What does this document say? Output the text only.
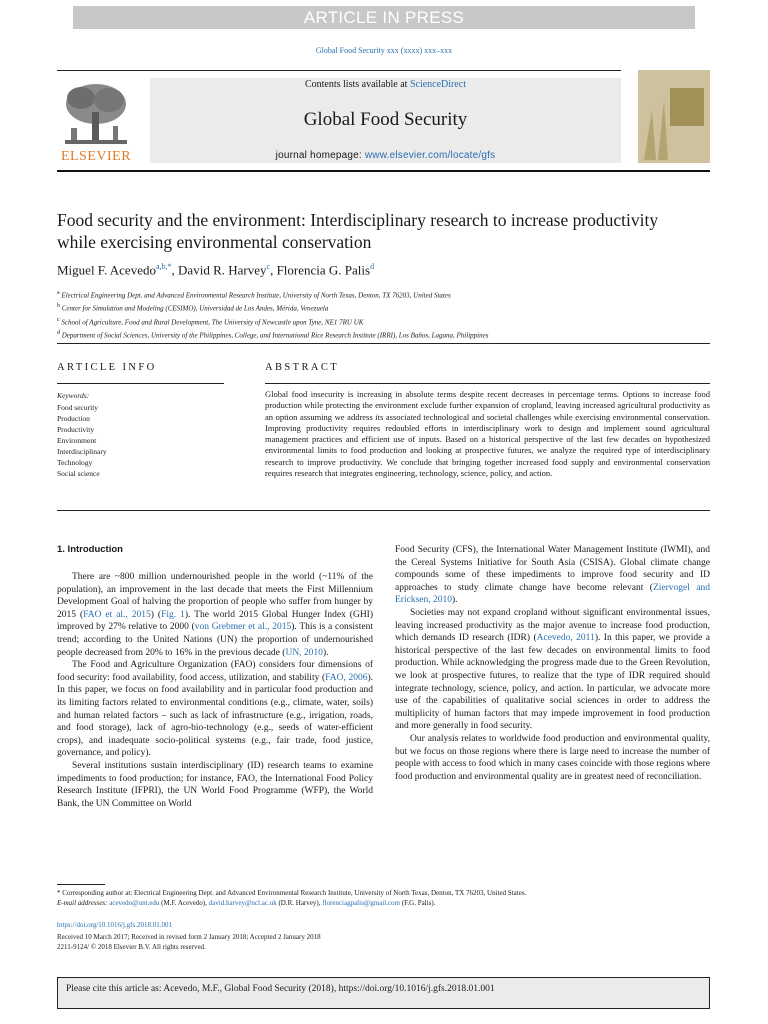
ARTICLE IN PRESS
Global Food Security xxx (xxxx) xxx–xxx
ELSEVIER
Contents lists available at ScienceDirect
Global Food Security
journal homepage: www.elsevier.com/locate/gfs
Food security and the environment: Interdisciplinary research to increase productivity while exercising environmental conservation
Miguel F. Acevedo$^{a,b,*}$, David R. Harvey$^c$, Florencia G. Palis$^d$
$^a$ Electrical Engineering Dept. and Advanced Environmental Research Institute, University of North Texas, Denton, TX 76203, United States
$^b$ Center for Simulation and Modeling (CESIMO), Universidad de Los Andes, Mérida, Venezuela
$^c$ School of Agriculture, Food and Rural Development, The University of Newcastle upon Tyne, NE1 7RU UK
$^d$ Department of Social Sciences, University of the Philippines, College, and International Rice Research Institute (IRRI), Los Baños, Laguna, Philippines
ARTICLE INFO	ABSTRACT
Keywords:
Food security
Production
Productivity
Environment
Interdisciplinary
Technology
Social science
Global food insecurity is increasing in absolute terms despite recent decreases in percentage terms. Options to increase food production while protecting the environment exclude further expansion of cropland, leaving increased agricultural productivity as an option assuming we address its associated technological and societal challenges while exercising environmental conservation. Improving productivity requires redoubled efforts in interdisciplinary work to design and implement sound agricultural management practices and efficient use of inputs. Based on a historical perspective of the last few decades on hypothesized environmental limits to food production and looking at prospective futures, we analyze the required type of interdisciplinary research to improve productivity. We conclude that bringing together increased food supply and environmental conservation requires research that integrates engineering, technology, science, policy, and action.
1. Introduction

There are ~800 million undernourished people in the world (~11% of the population), an improvement in the last decade that meets the First Millennium Development Goal of halving the proportion of people who suffer from hunger by 2015 (FAO et al., 2015) (Fig. 1). The world 2015 Global Hunger Index (GHI) improved by 27% relative to 2000 (von Grebmer et al., 2015). This is a consistent trend; according to the United Nations (UN) the proportion of undernourished people decreased from 20% to 16% in the previous decade (UN, 2010).

The Food and Agriculture Organization (FAO) considers four dimensions of food security: food availability, food access, utilization, and stability (FAO, 2006). In this paper, we focus on food availability and in particular food production and its limiting factors related to environmental conditions (e.g., climate, water, soils) and human related factors – such as lack of infrastructure (e.g., irrigation, roads, and food storage), lack of agro-bio-technology (e.g., seeds of water-efficient crops), and inadequate socio-political systems (e.g., fair trade, food justice, governance, and policy).

Several institutions sustain interdisciplinary (ID) research teams to examine impediments to food production; for instance, FAO, the International Food Policy Research Institute (IFPRI), the UN World Food Programme (WFP), the World Bank, the UN Committee on World

Food Security (CFS), the International Water Management Institute (IWMI), and the Cereal Systems Initiative for South Asia (CSISA). Global climate change compounds some of these impediments to improve food security and ID approaches to study climate change have become relevant (Ziervogel and Ericksen, 2010).

Societies may not expand cropland without significant environmental issues, leaving increased productivity as the major avenue to increase food production, which demands ID research (IDR) (Acevedo, 2011). In this paper, we provide a historical perspective of the last few decades on environmental limits to food production. While acknowledging the progress made due to the Green Revolution, we look at prospective futures, to realize that the type of IDR required should integrate technology, science, policy, and action. In particular, we advocate more use of the capabilities of qualitative social sciences in order to address the multiplicity of human factors that may impede improvement in food production and more generally in food security.

Our analysis relates to worldwide food production and environmental quality, but we focus on those regions where there is large need to increase the number of people with access to food which in many cases coincide with those regions where food production and environmental quality are in greatest need of reconciliation.

* Corresponding author at: Electrical Engineering Dept. and Advanced Environmental Research Institute, University of North Texas, Denton, TX 76203, United States.
E-mail addresses: acevedo@unt.edu (M.F. Acevedo), david.harvey@ncl.ac.uk (D.R. Harvey), florenciagpalis@gmail.com (F.G. Palis).
https://doi.org/10.1016/j.gfs.2018.01.001
Received 10 March 2017; Received in revised form 2 January 2018; Accepted 2 January 2018
2211-9124/ © 2018 Elsevier B.V. All rights reserved.
Please cite this article as: Acevedo, M.F., Global Food Security (2018), https://doi.org/10.1016/j.gfs.2018.01.001
